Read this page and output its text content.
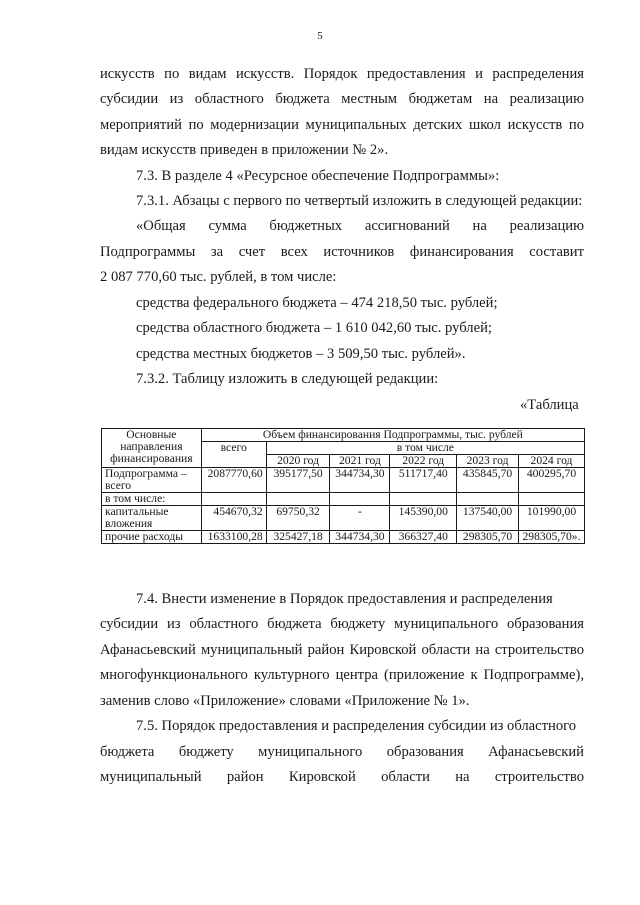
5
искусств по видам искусств. Порядок предоставления и распределения
субсидии из областного бюджета местным бюджетам на реализацию
мероприятий по модернизации муниципальных детских школ искусств по
видам искусств приведен в приложении № 2».
7.3. В разделе 4 «Ресурсное обеспечение Подпрограммы»:
7.3.1. Абзацы с первого по четвертый изложить в следующей редакции:
«Общая сумма бюджетных ассигнований на реализацию
Подпрограммы за счет всех источников финансирования составит
2 087 770,60 тыс. рублей, в том числе:
средства федерального бюджета – 474 218,50 тыс. рублей;
средства областного бюджета – 1 610 042,60 тыс. рублей;
средства местных бюджетов – 3 509,50 тыс. рублей».
7.3.2. Таблицу изложить в следующей редакции:
«Таблица
Основные направления финансирования	Объем финансирования Подпрограммы, тыс. рублей					
	всего	в том числе				
		2020 год	2021 год	2022 год	2023 год	2024 год
Подпрограмма – всего	2087770,60	395177,50	344734,30	511717,40	435845,70	400295,70
в том числе:						
капитальные вложения	454670,32	69750,32	-	145390,00	137540,00	101990,00
прочие расходы	1633100,28	325427,18	344734,30	366327,40	298305,70	298305,70».
7.4. Внести изменение в Порядок предоставления и распределения
субсидии из областного бюджета бюджету муниципального образования
Афанасьевский муниципальный район Кировской области на строительство
многофункционального культурного центра (приложение к Подпрограмме),
заменив слово «Приложение» словами «Приложение № 1».
7.5. Порядок предоставления и распределения субсидии из областного
бюджета бюджету муниципального образования Афанасьевский
муниципальный район Кировской области на строительство
